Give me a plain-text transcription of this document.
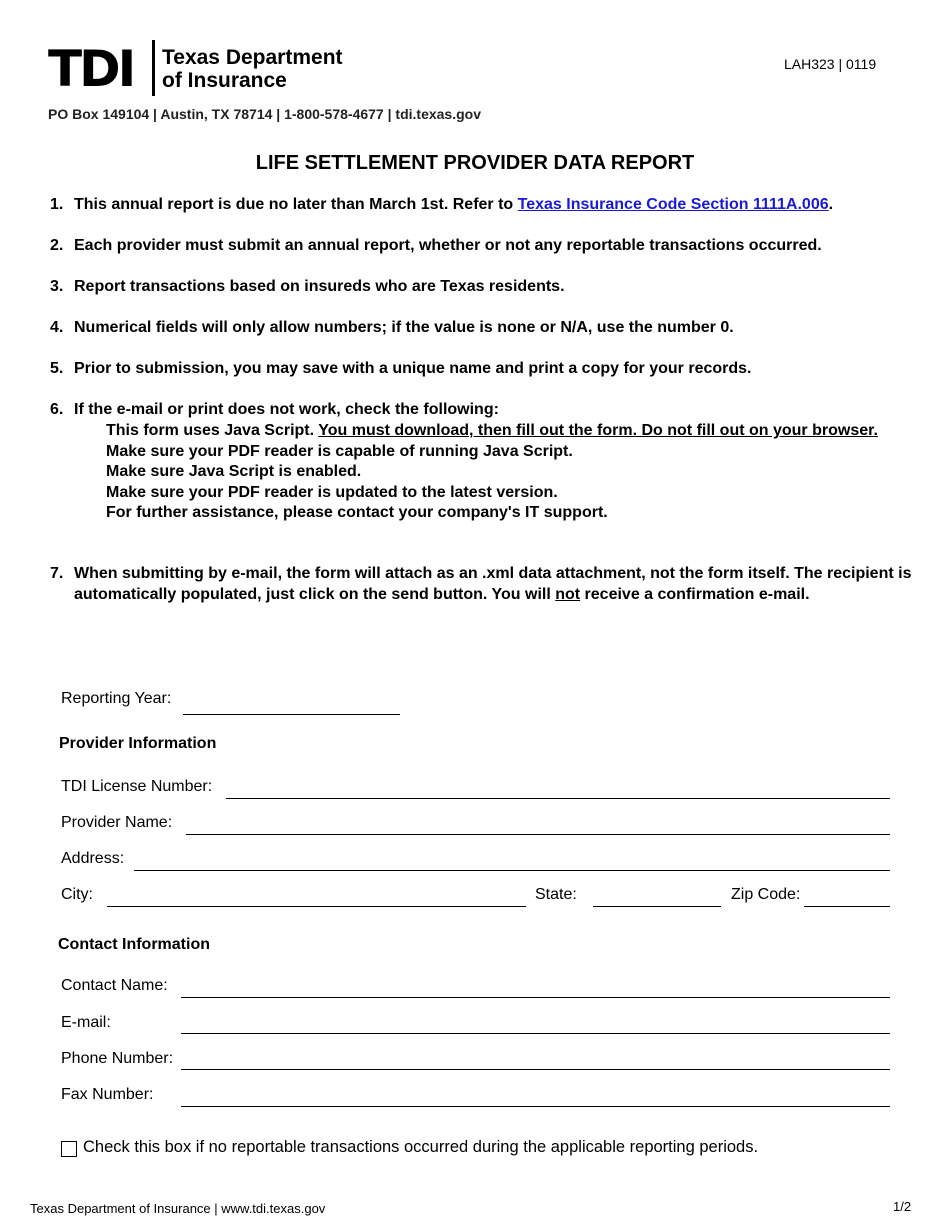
TDI Texas Department
of Insurance
PO Box 149104 | Austin, TX 78714 | 1-800-578-4677 | tdi.texas.gov
LAH323 | 0119
LIFE SETTLEMENT PROVIDER DATA REPORT
1. This annual report is due no later than March 1st. Refer to Texas Insurance Code Section 1111A.006.
2. Each provider must submit an annual report, whether or not any reportable transactions occurred.
3. Report transactions based on insureds who are Texas residents.
4. Numerical fields will only allow numbers; if the value is none or N/A, use the number 0.
5. Prior to submission, you may save with a unique name and print a copy for your records.
6. If the e-mail or print does not work, check the following:
This form uses Java Script. You must download, then fill out the form. Do not fill out on your browser.
Make sure your PDF reader is capable of running Java Script.
Make sure Java Script is enabled.
Make sure your PDF reader is updated to the latest version.
For further assistance, please contact your company's IT support.
7. When submitting by e-mail, the form will attach as an .xml data attachment, not the form itself. The recipient is automatically populated, just click on the send button. You will not receive a confirmation e-mail.
Reporting Year:
Provider Information
TDI License Number:
Provider Name:
Address:
City:	State:	Zip Code:
Contact Information
Contact Name:
E-mail:
Phone Number:
Fax Number:
Check this box if no reportable transactions occurred during the applicable reporting periods.
Texas Department of Insurance | www.tdi.texas.gov	1/2
